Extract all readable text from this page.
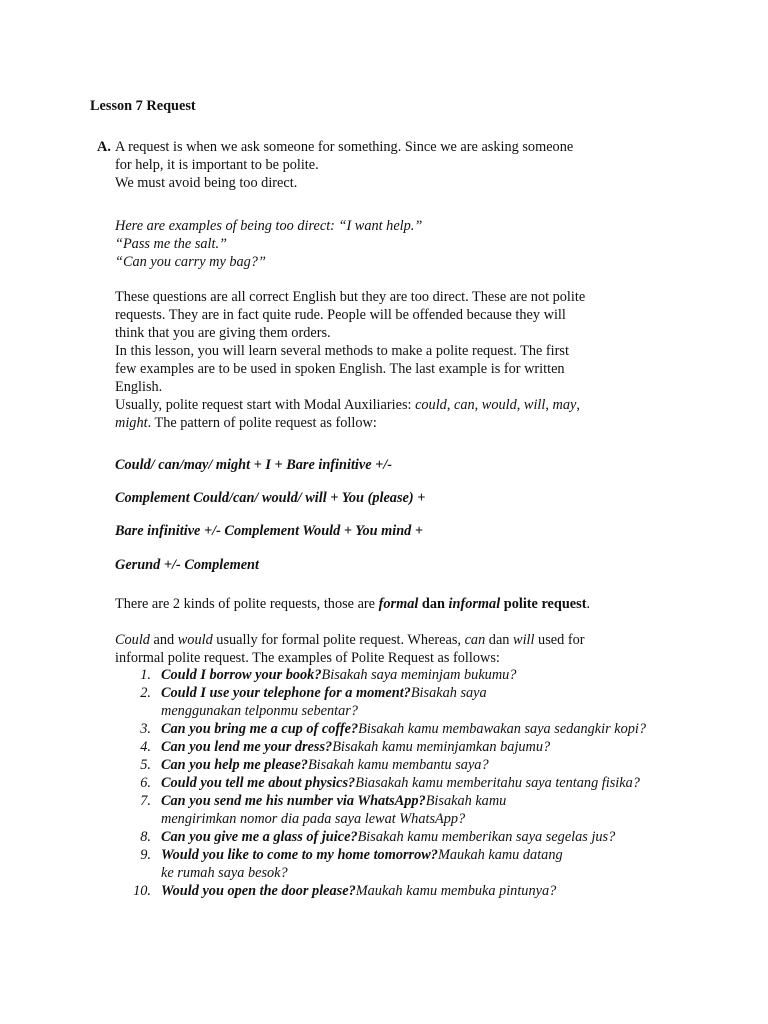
Lesson 7 Request
A. A request is when we ask someone for something. Since we are asking someone
for help, it is important to be polite.
We must avoid being too direct.
Here are examples of being too direct: “I want help.”
“Pass me the salt.”
“Can you carry my bag?”
These questions are all correct English but they are too direct. These are not polite
requests. They are in fact quite rude. People will be offended because they will
think that you are giving them orders.
In this lesson, you will learn several methods to make a polite request. The first
few examples are to be used in spoken English. The last example is for written
English.
Usually, polite request start with Modal Auxiliaries: could, can, would, will, may,
might. The pattern of polite request as follow:
Could/ can/may/ might + I + Bare infinitive +/-
Complement Could/can/ would/ will + You (please) +
Bare infinitive +/- Complement Would + You mind +
Gerund +/- Complement
There are 2 kinds of polite requests, those are formal dan informal polite request.
Could and would usually for formal polite request. Whereas, can dan will used for
informal polite request. The examples of Polite Request as follows:
1. Could I borrow your book?Bisakah saya meminjam bukumu?
2. Could I use your telephone for a moment?Bisakah saya
menggunakan telponmu sebentar?
3. Can you bring me a cup of coffe?Bisakah kamu membawakan saya sedangkir kopi?
4. Can you lend me your dress?Bisakah kamu meminjamkan bajumu?
5. Can you help me please?Bisakah kamu membantu saya?
6. Could you tell me about physics?Biasakah kamu memberitahu saya tentang fisika?
7. Can you send me his number via WhatsApp?Bisakah kamu
mengirimkan nomor dia pada saya lewat WhatsApp?
8. Can you give me a glass of juice?Bisakah kamu memberikan saya segelas jus?
9. Would you like to come to my home tomorrow?Maukah kamu datang
ke rumah saya besok?
10. Would you open the door please?Maukah kamu membuka pintunya?
